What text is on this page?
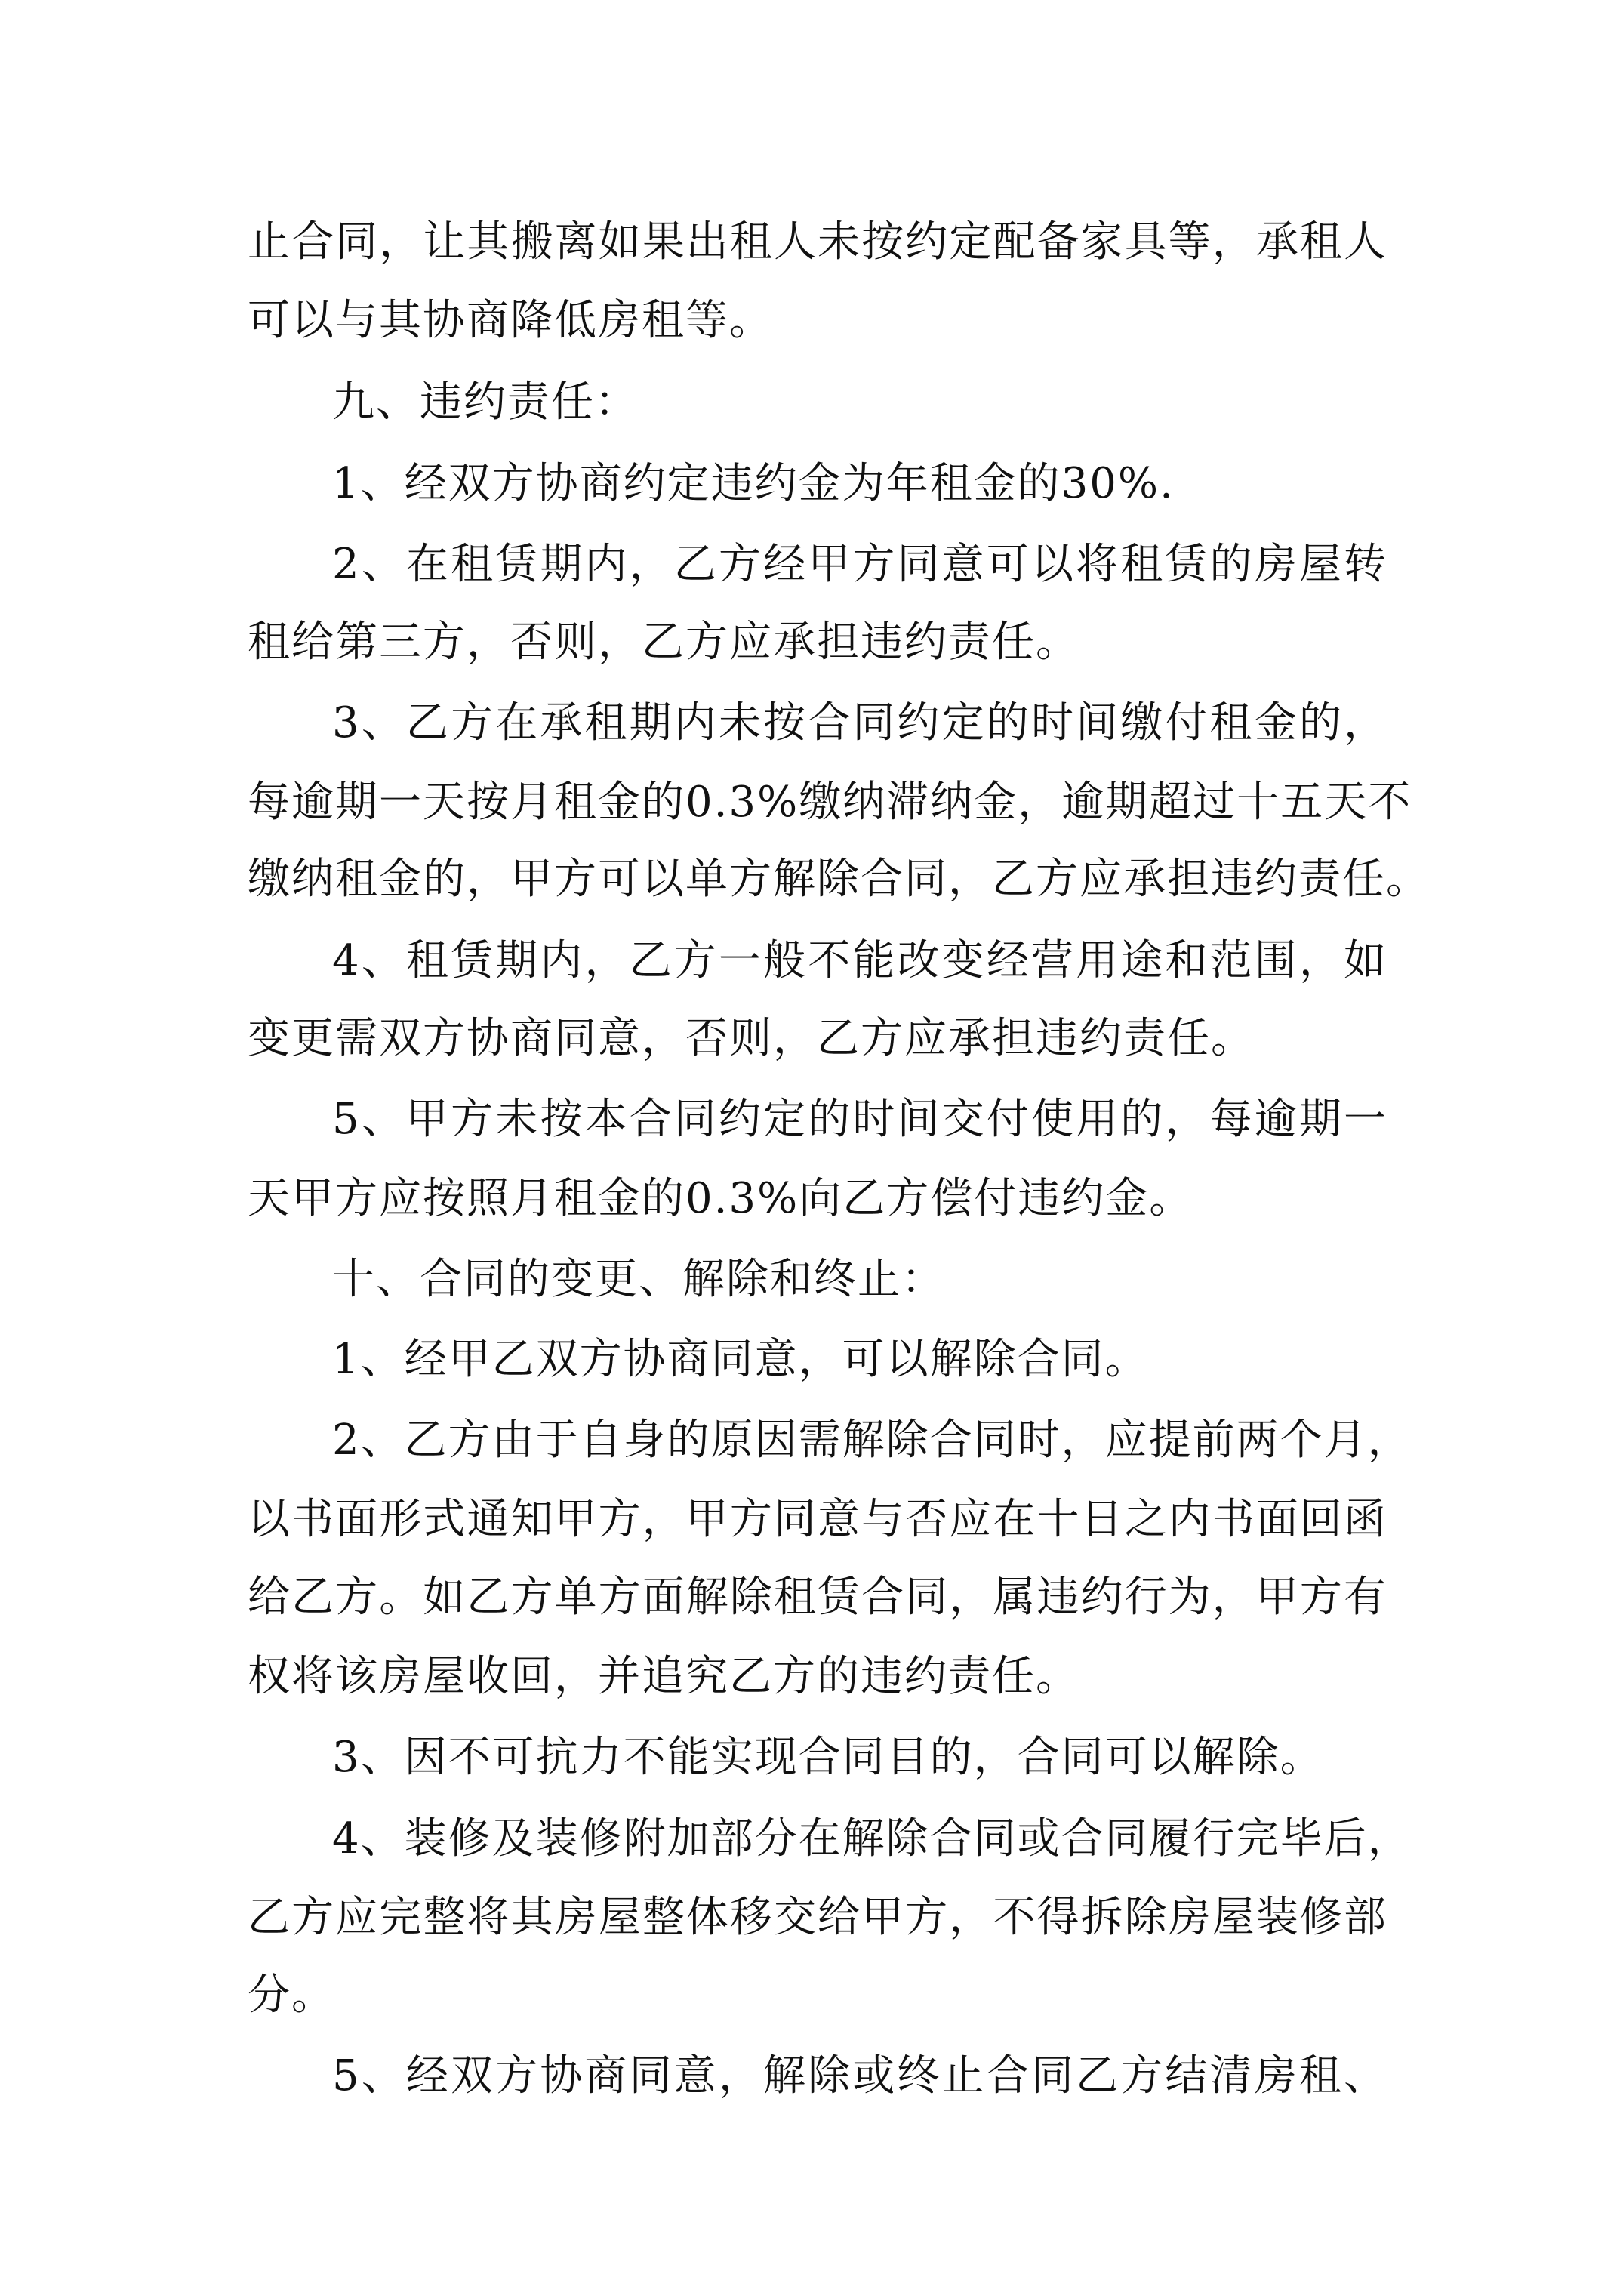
止合同，让其搬离如果出租人未按约定配备家具等，承租人
可以与其协商降低房租等。
九、违约责任：
1、经双方协商约定违约金为年租金的30%.
2、在租赁期内，乙方经甲方同意可以将租赁的房屋转
租给第三方，否则，乙方应承担违约责任。
3、乙方在承租期内未按合同约定的时间缴付租金的，
每逾期一天按月租金的0.3%缴纳滞纳金，逾期超过十五天不
缴纳租金的，甲方可以单方解除合同，乙方应承担违约责任。
4、租赁期内，乙方一般不能改变经营用途和范围，如
变更需双方协商同意，否则，乙方应承担违约责任。
5、甲方未按本合同约定的时间交付使用的，每逾期一
天甲方应按照月租金的0.3%向乙方偿付违约金。
十、合同的变更、解除和终止：
1、经甲乙双方协商同意，可以解除合同。
2、乙方由于自身的原因需解除合同时，应提前两个月，
以书面形式通知甲方，甲方同意与否应在十日之内书面回函
给乙方。如乙方单方面解除租赁合同，属违约行为，甲方有
权将该房屋收回，并追究乙方的违约责任。
3、因不可抗力不能实现合同目的，合同可以解除。
4、装修及装修附加部分在解除合同或合同履行完毕后，
乙方应完整将其房屋整体移交给甲方，不得拆除房屋装修部
分。
5、经双方协商同意，解除或终止合同乙方结清房租、
